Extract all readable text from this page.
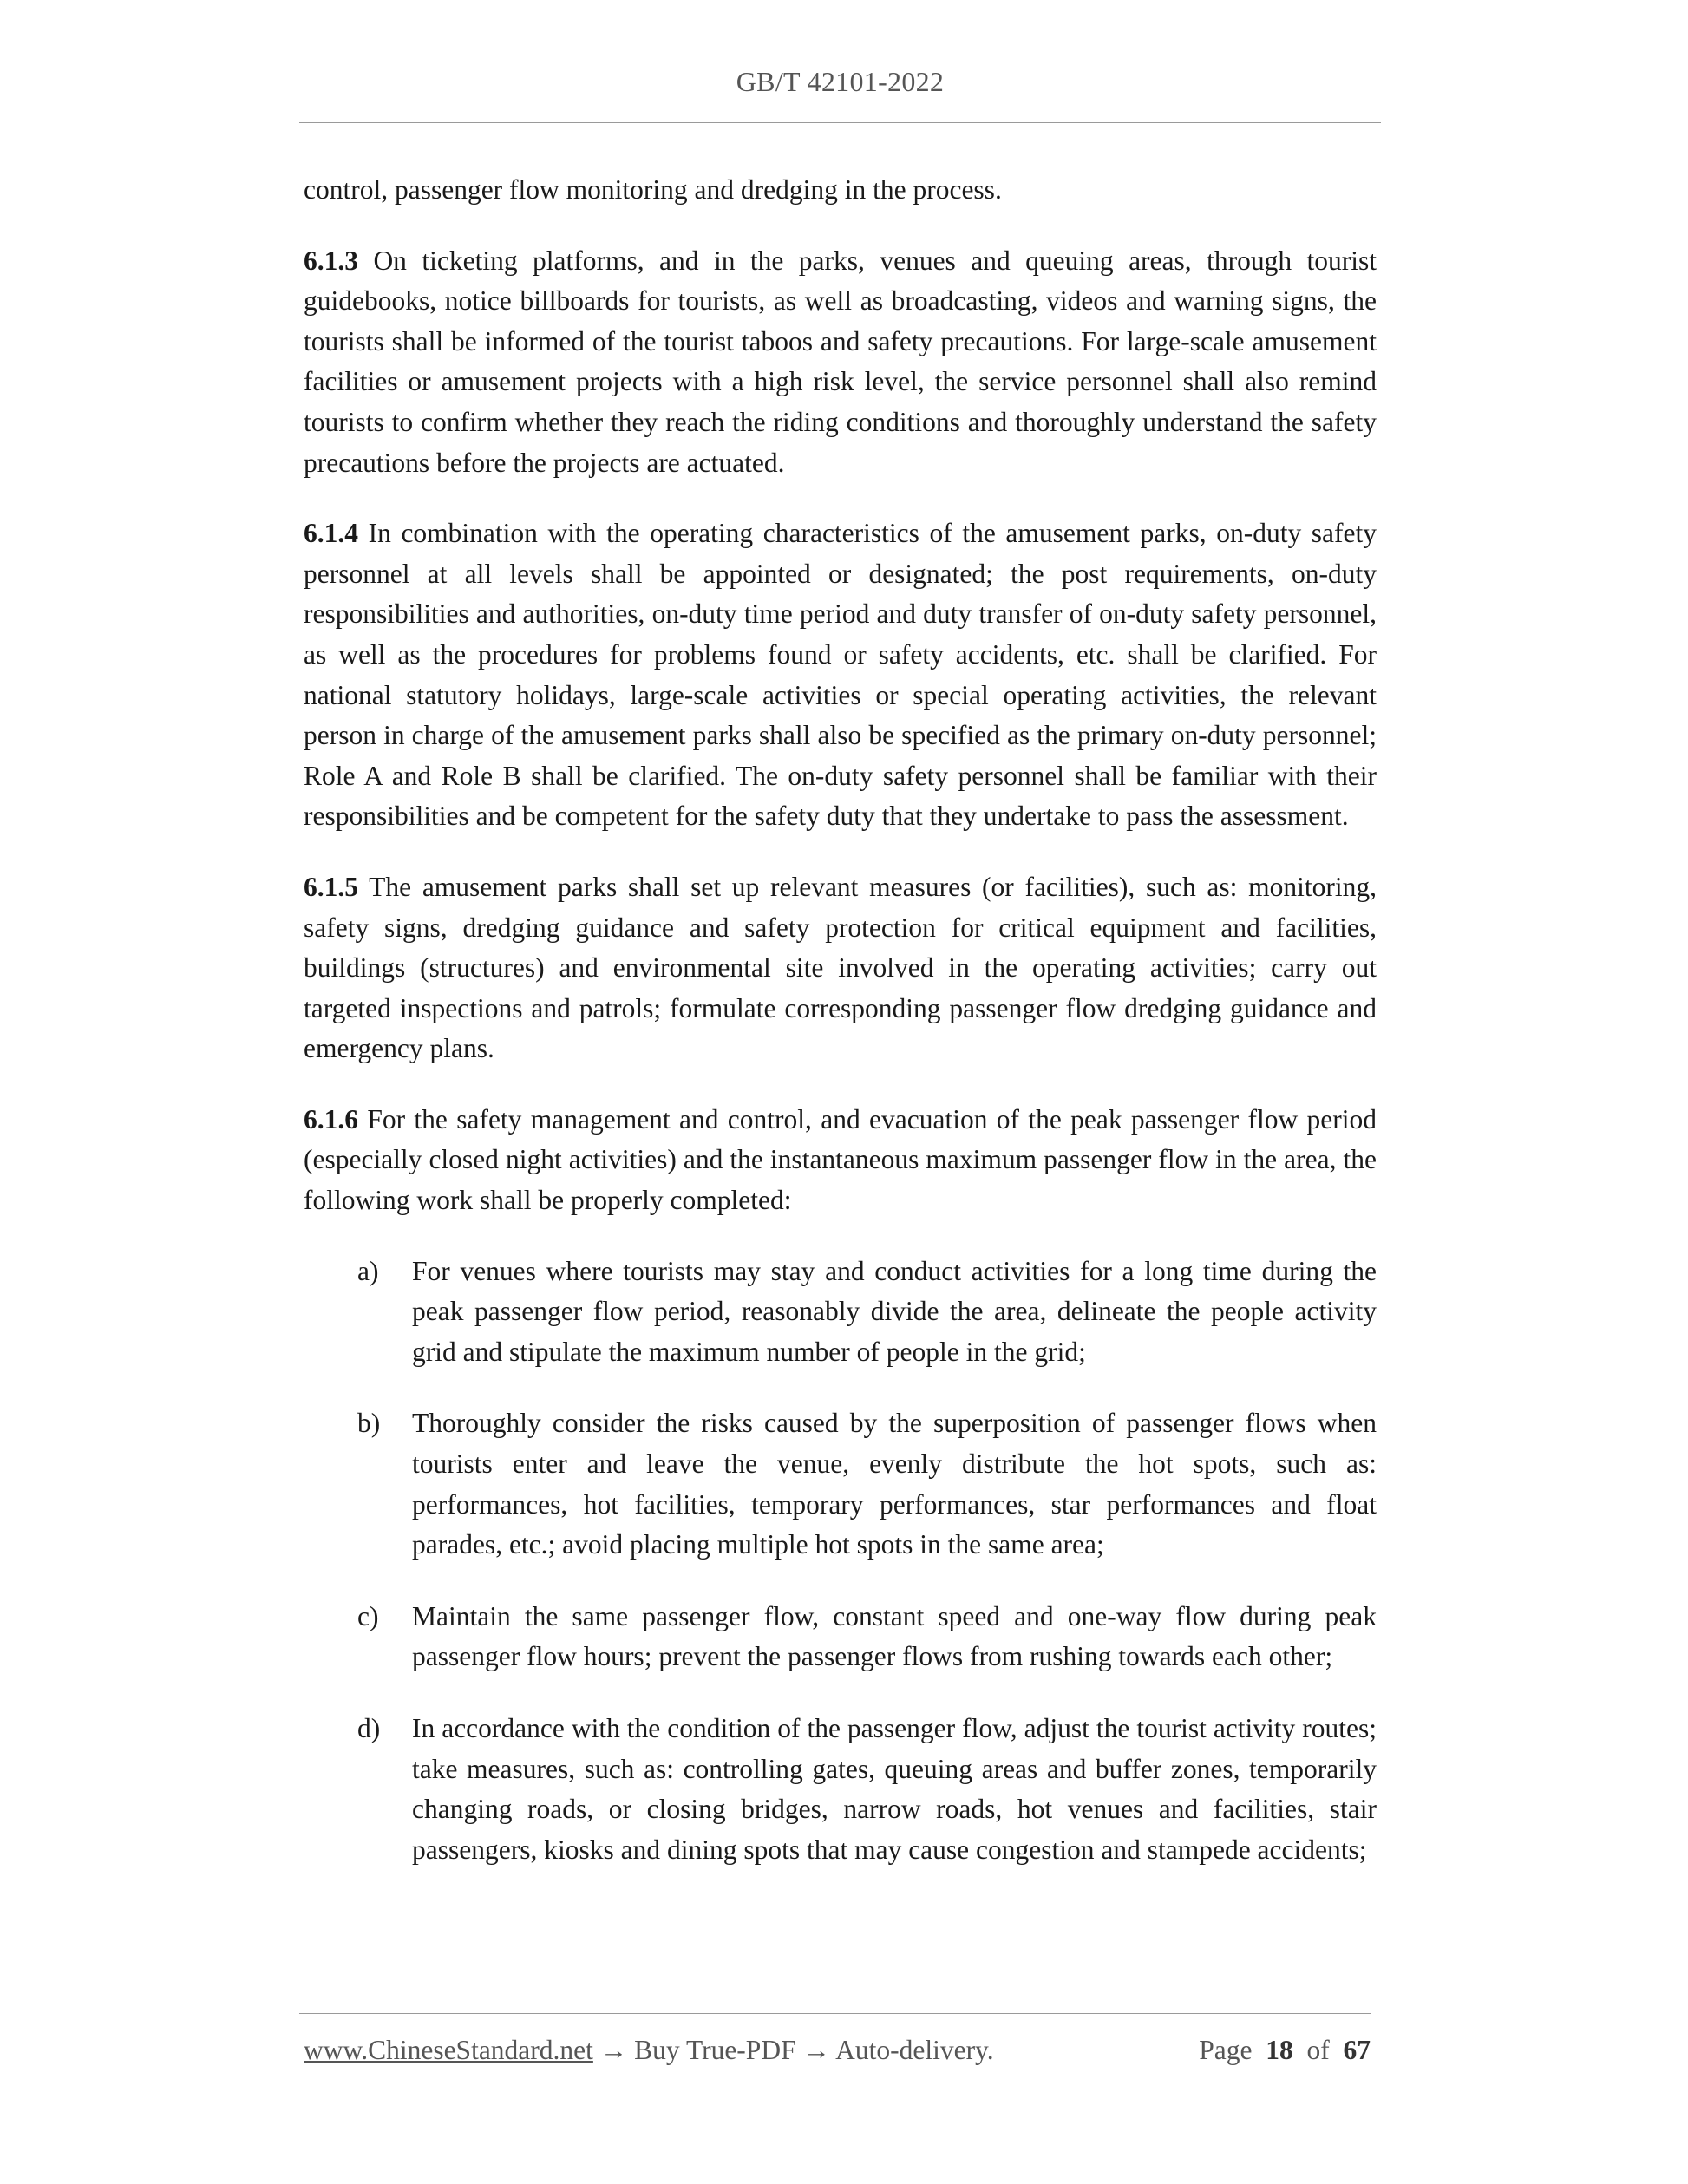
GB/T 42101-2022

control, passenger flow monitoring and dredging in the process.

6.1.3 On ticketing platforms, and in the parks, venues and queuing areas, through tourist guidebooks, notice billboards for tourists, as well as broadcasting, videos and warning signs, the tourists shall be informed of the tourist taboos and safety precautions. For large-scale amusement facilities or amusement projects with a high risk level, the service personnel shall also remind tourists to confirm whether they reach the riding conditions and thoroughly understand the safety precautions before the projects are actuated.

6.1.4 In combination with the operating characteristics of the amusement parks, on-duty safety personnel at all levels shall be appointed or designated; the post requirements, on-duty responsibilities and authorities, on-duty time period and duty transfer of on-duty safety personnel, as well as the procedures for problems found or safety accidents, etc. shall be clarified. For national statutory holidays, large-scale activities or special operating activities, the relevant person in charge of the amusement parks shall also be specified as the primary on-duty personnel; Role A and Role B shall be clarified. The on-duty safety personnel shall be familiar with their responsibilities and be competent for the safety duty that they undertake to pass the assessment.

6.1.5 The amusement parks shall set up relevant measures (or facilities), such as: monitoring, safety signs, dredging guidance and safety protection for critical equipment and facilities, buildings (structures) and environmental site involved in the operating activities; carry out targeted inspections and patrols; formulate corresponding passenger flow dredging guidance and emergency plans.

6.1.6 For the safety management and control, and evacuation of the peak passenger flow period (especially closed night activities) and the instantaneous maximum passenger flow in the area, the following work shall be properly completed:

a)	For venues where tourists may stay and conduct activities for a long time during the peak passenger flow period, reasonably divide the area, delineate the people activity grid and stipulate the maximum number of people in the grid;
b)	Thoroughly consider the risks caused by the superposition of passenger flows when tourists enter and leave the venue, evenly distribute the hot spots, such as: performances, hot facilities, temporary performances, star performances and float parades, etc.; avoid placing multiple hot spots in the same area;
c)	Maintain the same passenger flow, constant speed and one-way flow during peak passenger flow hours; prevent the passenger flows from rushing towards each other;
d)	In accordance with the condition of the passenger flow, adjust the tourist activity routes; take measures, such as: controlling gates, queuing areas and buffer zones, temporarily changing roads, or closing bridges, narrow roads, hot venues and facilities, stair passengers, kiosks and dining spots that may cause congestion and stampede accidents;
www.ChineseStandard.net → Buy True-PDF → Auto-delivery.	Page 18 of 67
